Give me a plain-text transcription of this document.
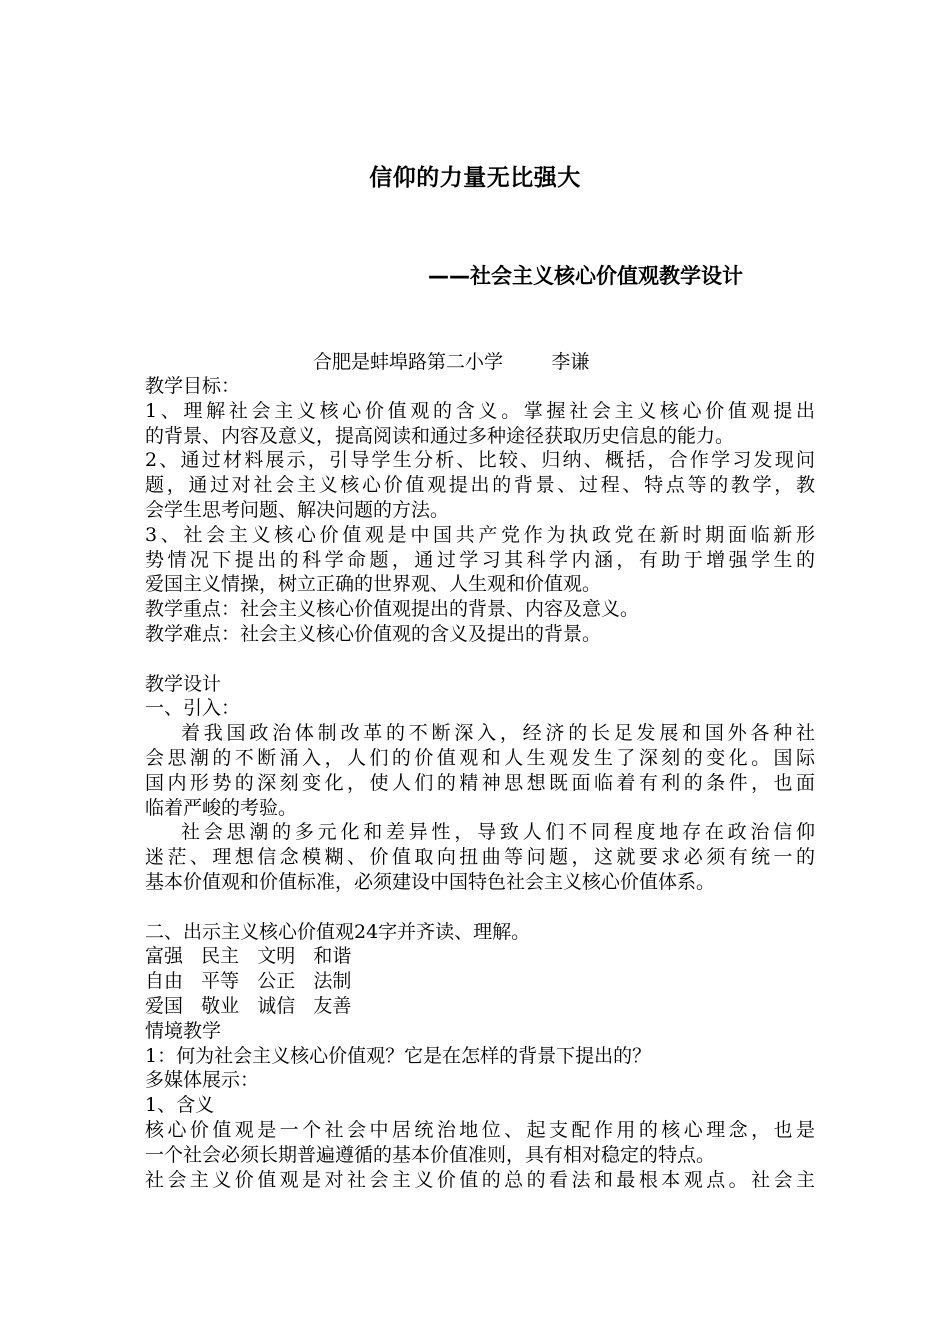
信仰的力量无比强大
——社会主义核心价值观教学设计
合肥是蚌埠路第二小学        李谦
教学目标：
1、理解社会主义核心价值观的含义。掌握社会主义核心价值观提出
的背景、内容及意义，提高阅读和通过多种途径获取历史信息的能力。
2、通过材料展示，引导学生分析、比较、归纳、概括，合作学习发现问
题，通过对社会主义核心价值观提出的背景、过程、特点等的教学，教
会学生思考问题、解决问题的方法。
3、社会主义核心价值观是中国共产党作为执政党在新时期面临新形
势情况下提出的科学命题，通过学习其科学内涵，有助于增强学生的
爱国主义情操，树立正确的世界观、人生观和价值观。
教学重点：社会主义核心价值观提出的背景、内容及意义。
教学难点：社会主义核心价值观的含义及提出的背景。
教学设计
一、引入：
着我国政治体制改革的不断深入，经济的长足发展和国外各种社
会思潮的不断涌入，人们的价值观和人生观发生了深刻的变化。国际
国内形势的深刻变化，使人们的精神思想既面临着有利的条件，也面
临着严峻的考验。
社会思潮的多元化和差异性，导致人们不同程度地存在政治信仰
迷茫、理想信念模糊、价值取向扭曲等问题，这就要求必须有统一的
基本价值观和价值标准，必须建设中国特色社会主义核心价值体系。
二、出示主义核心价值观24字并齐读、理解。
富强   民主   文明   和谐
自由   平等   公正   法制
爱国   敬业   诚信   友善
情境教学
1：何为社会主义核心价值观？它是在怎样的背景下提出的？
多媒体展示：
1、含义
核心价值观是一个社会中居统治地位、起支配作用的核心理念，也是
一个社会必须长期普遍遵循的基本价值准则，具有相对稳定的特点。
社会主义价值观是对社会主义价值的总的看法和最根本观点。社会主
